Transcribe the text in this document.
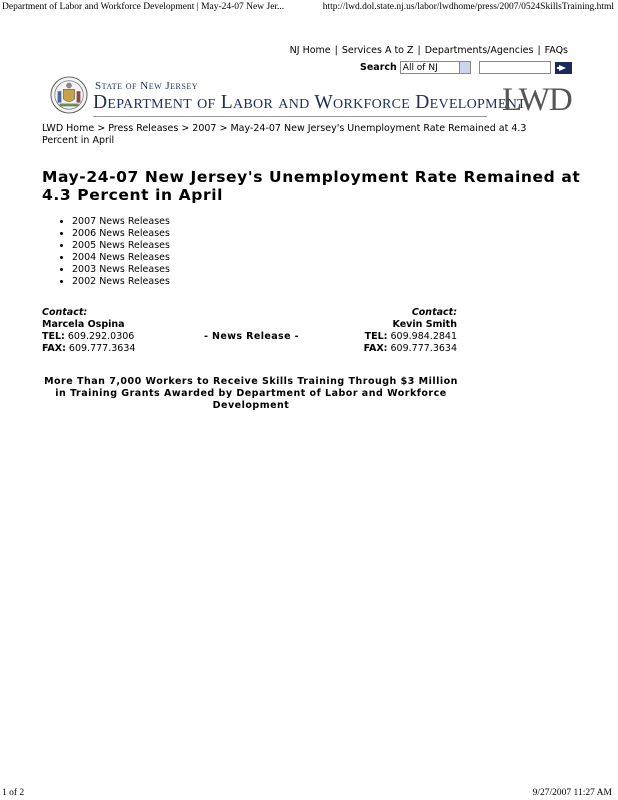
Department of Labor and Workforce Development | May-24-07 New Jer...	http://lwd.dol.state.nj.us/labor/lwdhome/press/2007/0524SkillsTraining.html
NJ Home | Services A to Z | Departments/Agencies | FAQs
Search All of NJ
State of New Jersey
Department of Labor and Workforce Development
LWD
LWD Home > Press Releases > 2007 > May-24-07 New Jersey's Unemployment Rate Remained at 4.3 Percent in April
May-24-07 New Jersey's Unemployment Rate Remained at 4.3 Percent in April
• 2007 News Releases
• 2006 News Releases
• 2005 News Releases
• 2004 News Releases
• 2003 News Releases
• 2002 News Releases
Contact:
Marcela Ospina
TEL: 609.292.0306
FAX: 609.777.3634
- News Release -
Contact:
Kevin Smith
TEL: 609.984.2841
FAX: 609.777.3634
More Than 7,000 Workers to Receive Skills Training Through $3 Million in Training Grants Awarded by Department of Labor and Workforce Development
1 of 2	9/27/2007 11:27 AM
